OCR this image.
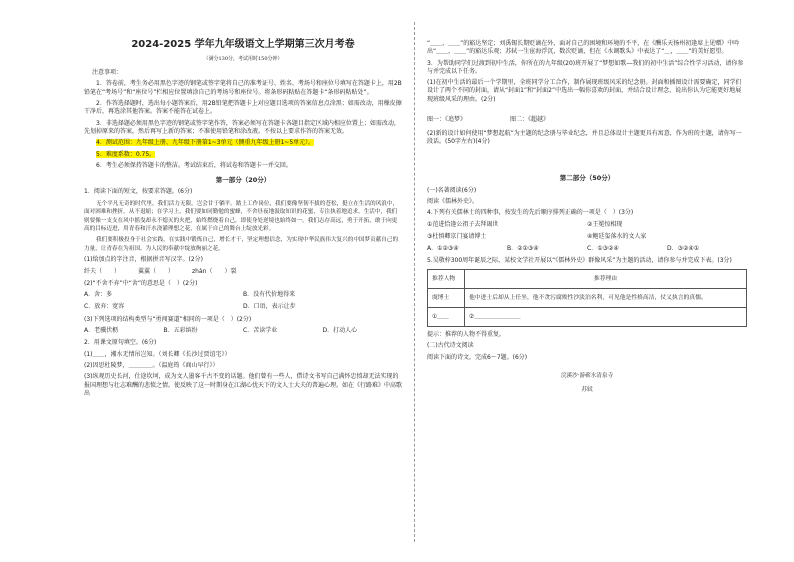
2024-2025 学年九年级语文上学期第三次月考卷
（满分130分，考试用时150分钟）

注意事项：

1．答卷前，考生务必用黑色字迹的钢笔或签字笔将自己的准考证号、姓名、考场号和座位号填写在答题卡上，用2B铅笔在“考场号”和“座位号”栏相应位置填涂自己的考场号和座位号。将条形码粘贴在答题卡“条形码粘贴处”。

2．作答选择题时，选出每小题答案后，用2B铅笔把答题卡上对应题目选项的答案信息点涂黑；如需改动，用橡皮擦干净后，再选涂其他答案。答案不能答在试卷上。

3．非选择题必须用黑色字迹的钢笔或签字笔作答，答案必须写在答题卡各题目指定区域内相应位置上；如需改动，先划掉原来的答案，然后再写上新的答案；不准使用铅笔和涂改液。不按以上要求作答的答案无效。

4．测试范围：九年级上册、九年级下册第1~3单元（侧重九年级上册1~5单元）。

5．难度系数：0.75。

6．考生必须保持答题卡的整洁。考试结束后，将试卷和答题卡一并交回。

第一部分（20分）

1．阅读下面的短文，按要求答题。(6分)

无个平凡无奇的时代里，我们活力无限，岂会甘于躺平。踏上工作岗位，我们要像坚韧不拔的苍松，挺立在生活的风浪中，面对困难和挫折，从不退缩；在学习上，我们要如同勤勉的蜜蜂，不舍昼夜地汲取知识的花蜜，专注执着地追求。生活中，我们则要像一支支在风中摇曳却永不熄灭的火把，始终燃烧着自己，即使身处逆境也始终如一。我们志存高远，勇于开拓，敢于向更高的目标迈进，用青春和汗水浇灌理想之花，在属于自己的舞台上绽放光彩。

我们要积极投身于社会实践，在实践中锻炼自己，增长才干，坚定理想信念，为实现中华民族伟大复兴的中国梦贡献自己的力量，让青春在为祖国、为人民的奉献中绽放绚丽之花。

(1)给加点的字注音，根据拼音写汉字。(2分)

纤夫（　　）	翼翼（　　）	zhàn（　　）裂

(2)“不舍不弃”中“舍”的意思是（　）(2分)

A．舍：多	B．没有代价地得来
C．放弃：宽容	D．口语，表示让步

(3)下列选项的结构类型与“勇闯赛道”相同的一项是（　）(2分)

A．老骥伏枥	B．五彩缤纷	C．苦读学业	D．打动人心

2．用课文原句填空。(6分)

(1)＿＿，湘水无情吊岂知。（刘长卿《长沙过贾谊宅》）

(2)因思杜陵梦，＿＿＿＿。（温庭筠《商山早行》）

(3)纵观历史长河，仕途坎坷，成为文人墨客千古不变的话题。他们曾有一些人，借诗文书写自己满怀忠愤却无法实现的报国理想与壮志难酬的悲愤之情。使反映了这一时期身在江湖心忧天下的文人士大夫的普遍心理。如在《行路难》中高歌出

“＿＿，＿＿”的豁达坚定；刘禹锡长期贬谪在外，面对自己的困境和环境的不平，在《酬乐天扬州初逢席上见赠》中吟出“＿＿，＿＿”的豁达乐观；苏轼一生宦海浮沉，数次贬谪，但在《水调歌头》中表达了“＿，＿＿”的美好愿望。

3．为帮助同学们过渡到初中生活，你所在的九年级(20)班开展了“梦想如歌—我们的初中生活”综合性学习活动，请你参与并完成以下任务。

(1)在初中生活的最后一个学期里，全班同学分工合作，制作展现班级风采的纪念册。封面和插图设计需要确定，同学们设计了两个不同的封面，请从“封面1”和“封面2”中选出一幅你喜欢的封面，并结合设计理念，说出你认为它能更好地展现班级风采的理由。(2分)

图一：《追梦》	图二：《超越》

(2)新的设计如何使用“梦想起航”为主题的纪念册与毕业纪念，并且总体设计主题更具有寓意，作为班的主题，请你写一段话。(50字左右)(4分)

第二部分（50分）

(一)名著阅读(6分)

阅读《儒林外史》。

4.下列有关儒林士的四种事，按发生的先后顺序排列正确的一项是（　）(3分)

①范进恰逢公祖子去拜谒世	②王冕惊相现
③杜慎卿京门宴请博士	④鲍廷玺落水的文人家
A．①②③④	B．②①③④	C．①③②④	D．③②④①

5.吴敬梓300周年诞辰之际，某校文学社开展以“《儒林外史》群像风采”为主题的活动，请你参与并完成下表。(3分)

推荐人物	推荐理由
虞博士	他中进士后却从上任坐，他不贪污腐败性沙淡泊名利，可见他是性格高洁，仗义执言的真儒。
①＿＿	②＿＿＿＿＿＿＿＿

提示：推荐的人物不得重复。

(二)古代诗文阅读

阅读下面的诗文，完成6～7题。(6分)

浣溪沙·游蕲水清泉寺
苏轼
